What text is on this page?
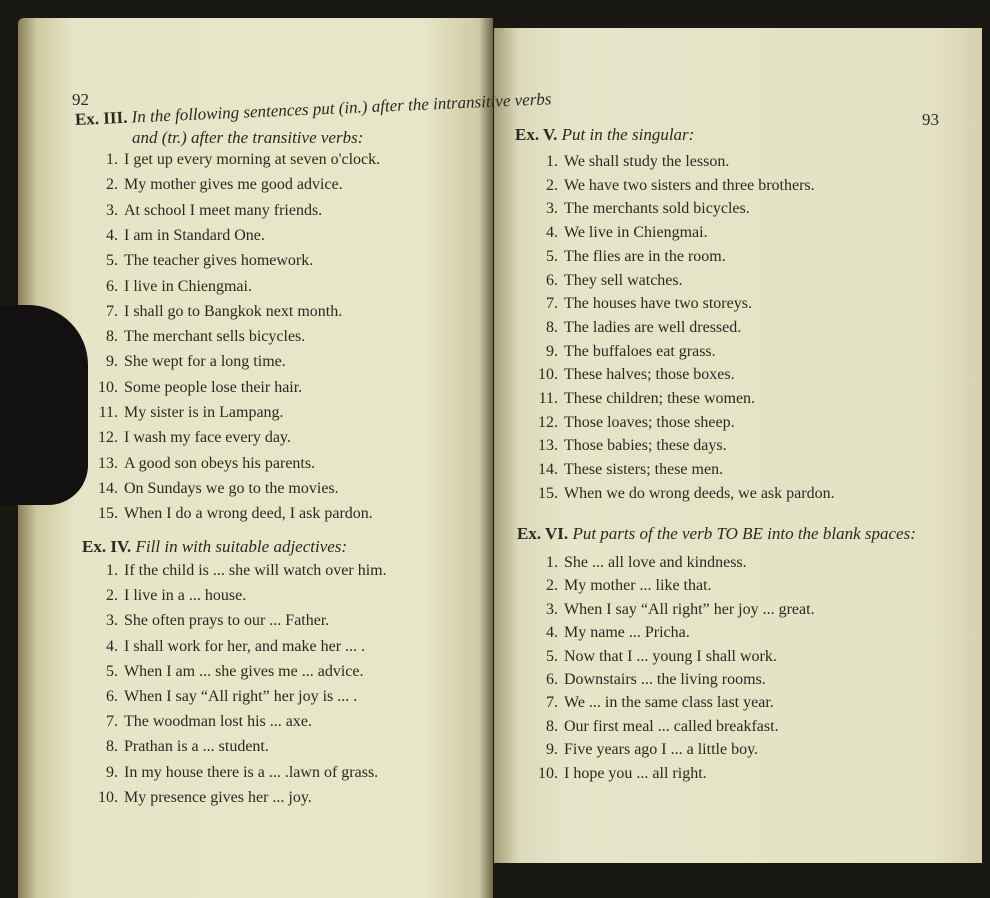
92
Ex. III. In the following sentences put (in.) after the intransitive verbs
and (tr.) after the transitive verbs:
1. I get up every morning at seven o'clock.
2. My mother gives me good advice.
3. At school I meet many friends.
4. I am in Standard One.
5. The teacher gives homework.
6. I live in Chiengmai.
7. I shall go to Bangkok next month.
8. The merchant sells bicycles.
9. She wept for a long time.
10. Some people lose their hair.
11. My sister is in Lampang.
12. I wash my face every day.
13. A good son obeys his parents.
14. On Sundays we go to the movies.
15. When I do a wrong deed, I ask pardon.
Ex. IV. Fill in with suitable adjectives:
1. If the child is ... she will watch over him.
2. I live in a ... house.
3. She often prays to our ... Father.
4. I shall work for her, and make her ... .
5. When I am ... she gives me ... advice.
6. When I say “All right” her joy is ... .
7. The woodman lost his ... axe.
8. Prathan is a ... student.
9. In my house there is a ... .lawn of grass.
10. My presence gives her ... joy.
93
Ex. V. Put in the singular:
1. We shall study the lesson.
2. We have two sisters and three brothers.
3. The merchants sold bicycles.
4. We live in Chiengmai.
5. The flies are in the room.
6. They sell watches.
7. The houses have two storeys.
8. The ladies are well dressed.
9. The buffaloes eat grass.
10. These halves; those boxes.
11. These children; these women.
12. Those loaves; those sheep.
13. Those babies; these days.
14. These sisters; these men.
15. When we do wrong deeds, we ask pardon.
Ex. VI. Put parts of the verb TO BE into the blank spaces:
1. She ... all love and kindness.
2. My mother ... like that.
3. When I say “All right” her joy ... great.
4. My name ... Pricha.
5. Now that I ... young I shall work.
6. Downstairs ... the living rooms.
7. We ... in the same class last year.
8. Our first meal ... called breakfast.
9. Five years ago I ... a little boy.
10. I hope you ... all right.
